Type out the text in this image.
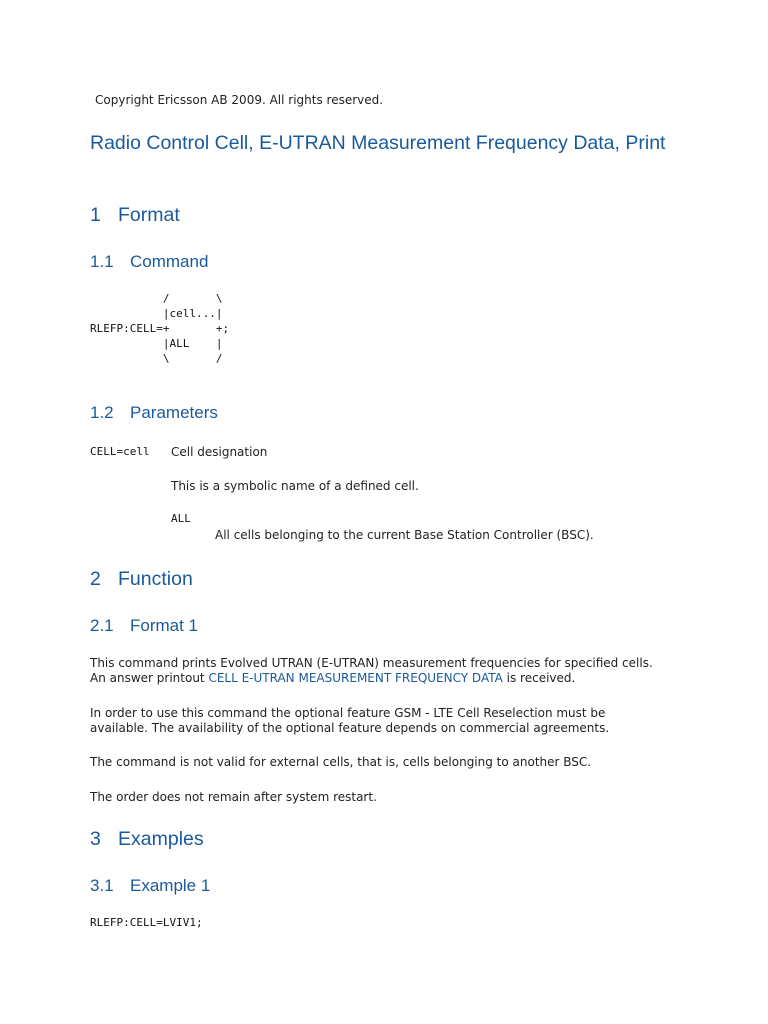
Copyright Ericsson AB 2009. All rights reserved.
Radio Control Cell, E-UTRAN Measurement Frequency Data, Print
1 Format
1.1 Command
/       \
|cell...|
RLEFP:CELL=+       +;
|ALL    |
\       /
1.2 Parameters
CELL=cell Cell designation
This is a symbolic name of a defined cell.
ALL
All cells belonging to the current Base Station Controller (BSC).
2 Function
2.1 Format 1

This command prints Evolved UTRAN (E-UTRAN) measurement frequencies for specified cells. An answer printout CELL E-UTRAN MEASUREMENT FREQUENCY DATA is received.

In order to use this command the optional feature GSM - LTE Cell Reselection must be available. The availability of the optional feature depends on commercial agreements.

The command is not valid for external cells, that is, cells belonging to another BSC.

The order does not remain after system restart.

3 Examples
3.1 Example 1
RLEFP:CELL=LVIV1;
